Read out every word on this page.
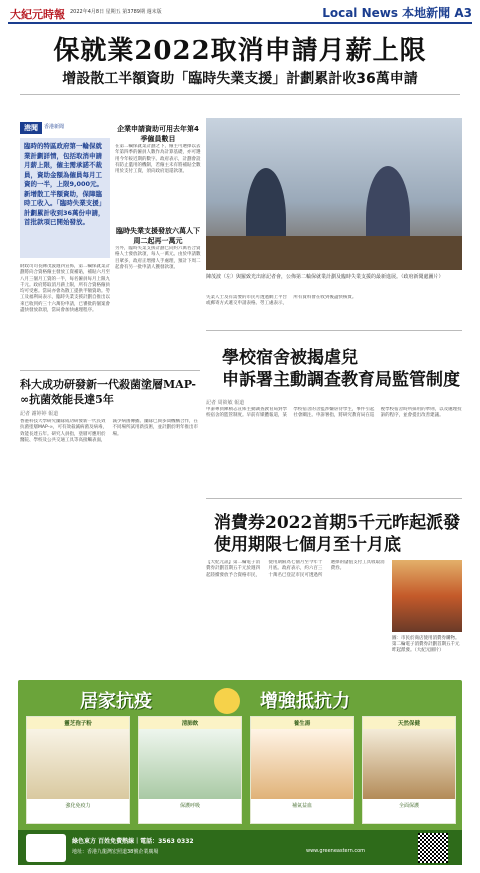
大紀元時報 2022年4月8日 星期五 第3789期 週末版	Local News 本地新聞 A3
保就業2022取消申請月薪上限
增設散工半額資助「臨時失業支援」計劃累計收36萬申請
港聞	香港新聞
臨時的特區政府第一輪保就業計劃詳情，包括取消申請月薪上限，僱主需承諾不裁員，資助金額為僱員每月工資的一半，上限9,000元。新增散工半額資助，保障臨時工收入。「臨時失業支援」計劃累計收到36萬份申請，首批款項已開始發放。
財政司司長陳茂波週四宣佈，第二輪保就業計劃將向合資格僱主發放工資補貼，補貼六月至八月三個月工資的一半，每名僱員每月上限九千元。政府將取消月薪上限，所有合資格僱員均可受惠。當局亦會為散工提供半額資助。勞工及福利局表示，臨時失業支援計劃自推出以來已收到約三十六萬份申請，已審批的個案會盡快發放款項，當局會加快處理程序。
企業申請資助可用去年第4季僱員數目
在第二輪保就業計劃之下，僱主可選擇以去年第四季的僱員人數作為計算基礎，亦可選用今年較近期的數字。政府表示，計劃會設有防止濫用的機制，若僱主未有將補貼全數用於支付工資，須向政府退還款項。
臨時失業支援發放六萬人下周二起再一萬元
另外，臨時失業支援計劃已向約六萬名合資格人士發放款項，每人一萬元。由於申請數目眾多，政府正增撥人手處理，預計下周二起會有另一批申請人獲發款項。
陳茂波（左）與羅致光出席記者會，公佈第二輪保就業計劃及臨時失業支援的最新進展。（政府新聞處圖片）
失業人士及有需要的市民可透過網上平台或郵寄方式遞交申請表格。勞工處表示，所有資料會在收到後盡快核實。
學校宿舍被揭虐兒
申訴署主動調查教育局監管制度
記者 周筱敏 報道
申訴專員陳積志宣佈主動調查教育局對學校宿舍的監管制度。早前有媒體報道，某學校宿舍的舍監涉嫌虐待學生，事件引起社會關注。申訴署指，將研究教育局在巡視學校宿舍時所採用的準則，以及處理投訴的程序，並會提出改善建議。
科大成功研發新一代殺菌塗層MAP-∞抗菌效能長達5年
記者 謝婷婷 報道
香港科技大學研究團隊成功研發新一代長效抗菌塗層MAP-∞，可有效殺滅病菌及病毒，效能長達五年。研究人員指，塗層可應用於醫院、學校及公共交通工具等高接觸表面，減少病菌傳播。團隊已與多間機構合作，在不同場所試用新技術，並計劃於明年推出市場。
消費券2022首期5千元昨起派發
使用期限七個月至十月底
【大紀元訊】第二輪電子消費券計劃首期五千元於週四起陸續發放予合資格市民，使用期限為七個月至今年十月底。政府表示，約六百三十萬名已登記市民可透過所選擇的儲值支付工具收取消費券。
圖：市民於商店使用消費券購物。第二輪電子消費券計劃首期五千元昨起派發。（大紀元圖片）
居家抗疫	增強抵抗力
靈芝孢子粉
強化免疫力
清肺飲
保護呼吸
養生湯
補氣益血
天然保健
全面保護
綠色東方 百姓免費熱線｜電話：3563 0332
地址：香港九龍灣宏照道38號企業廣場	www.greeneastern.com
